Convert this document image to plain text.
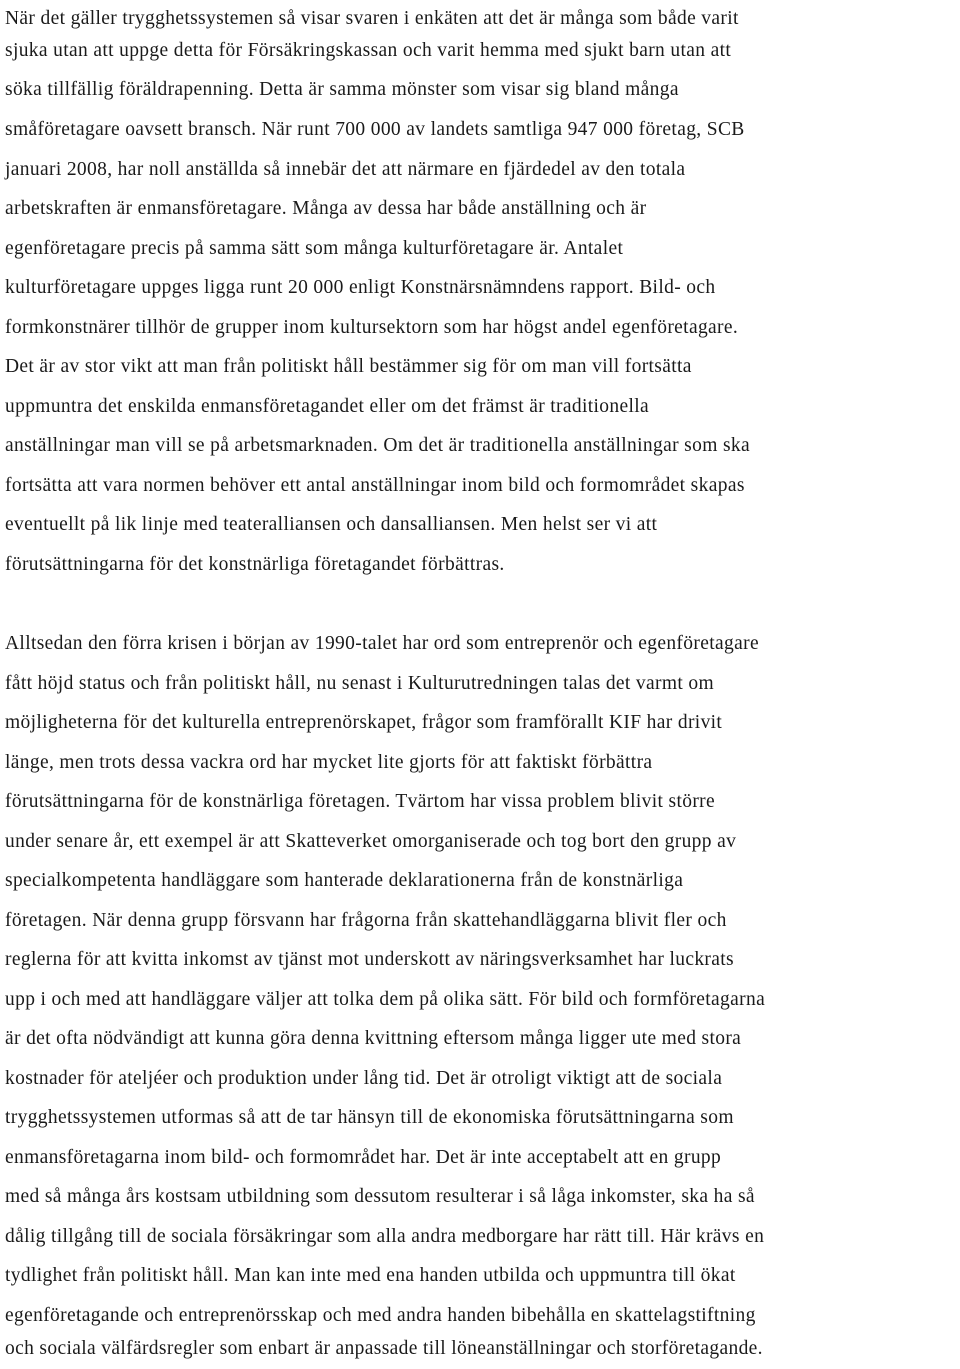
När det gäller trygghetssystemen så visar svaren i enkäten att det är många som både varit
sjuka utan att uppge detta för Försäkringskassan och varit hemma med sjukt barn utan att
söka tillfällig föräldrapenning. Detta är samma mönster som visar sig bland många
småföretagare oavsett bransch. När runt 700 000 av landets samtliga 947 000 företag, SCB
januari 2008, har noll anställda så innebär det att närmare en fjärdedel av den totala
arbetskraften är enmansföretagare. Många av dessa har både anställning och är
egenföretagare precis på samma sätt som många kulturföretagare är. Antalet
kulturföretagare uppges ligga runt 20 000 enligt Konstnärsnämndens rapport. Bild- och
formkonstnärer tillhör de grupper inom kultursektorn som har högst andel egenföretagare.
Det är av stor vikt att man från politiskt håll bestämmer sig för om man vill fortsätta
uppmuntra det enskilda enmansföretagandet eller om det främst är traditionella
anställningar man vill se på arbetsmarknaden. Om det är traditionella anställningar som ska
fortsätta att vara normen behöver ett antal anställningar inom bild och formområdet skapas
eventuellt på lik linje med teateralliansen och dansalliansen. Men helst ser vi att
förutsättningarna för det konstnärliga företagandet förbättras.
Alltsedan den förra krisen i början av 1990-talet har ord som entreprenör och egenföretagare
fått höjd status och från politiskt håll, nu senast i Kulturutredningen talas det varmt om
möjligheterna för det kulturella entreprenörskapet, frågor som framförallt KIF har drivit
länge, men trots dessa vackra ord har mycket lite gjorts för att faktiskt förbättra
förutsättningarna för de konstnärliga företagen. Tvärtom har vissa problem blivit större
under senare år, ett exempel är att Skatteverket omorganiserade och tog bort den grupp av
specialkompetenta handläggare som hanterade deklarationerna från de konstnärliga
företagen. När denna grupp försvann har frågorna från skattehandläggarna blivit fler och
reglerna för att kvitta inkomst av tjänst mot underskott av näringsverksamhet har luckrats
upp i och med att handläggare väljer att tolka dem på olika sätt. För bild och formföretagarna
är det ofta nödvändigt att kunna göra denna kvittning eftersom många ligger ute med stora
kostnader för ateljéer och produktion under lång tid. Det är otroligt viktigt att de sociala
trygghetssystemen utformas så att de tar hänsyn till de ekonomiska förutsättningarna som
enmansföretagarna inom bild- och formområdet har. Det är inte acceptabelt att en grupp
med så många års kostsam utbildning som dessutom resulterar i så låga inkomster, ska ha så
dålig tillgång till de sociala försäkringar som alla andra medborgare har rätt till. Här krävs en
tydlighet från politiskt håll. Man kan inte med ena handen utbilda och uppmuntra till ökat
egenföretagande och entreprenörsskap och med andra handen bibehålla en skattelagstiftning
och sociala välfärdsregler som enbart är anpassade till löneanställningar och storföretagande.
